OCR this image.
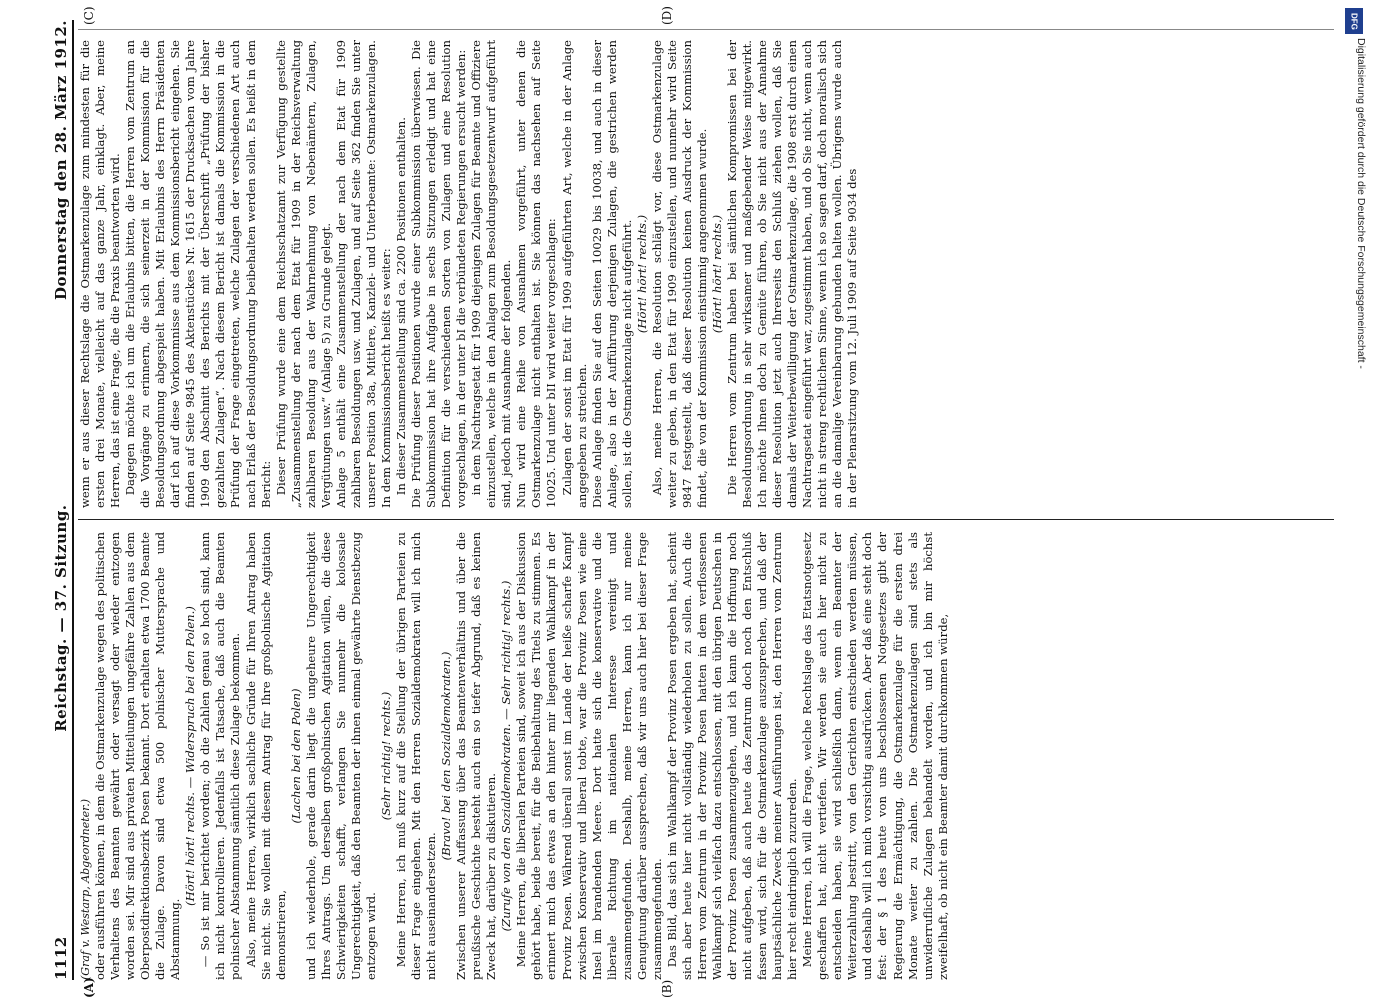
1112
Reichstag. — 37. Sitzung.
Donnerstag den 28. März 1912.
(A)	(B)
(C)	(D)

(Graf v. Westarp, Abgeordneter.) oder ausführen können, in dem die Ostmarkenzulage wegen des politischen Verhaltens des Beamten gewährt oder versagt oder wieder entzogen worden sei. Mir sind aus privaten Mitteilungen ungefähre Zahlen aus dem Oberpostdirektionsbezirk Posen bekannt. Dort erhalten etwa 1700 Beamte die Zulage. Davon sind etwa 500 polnischer Muttersprache und Abstammung.

(Hört! hört! rechts. — Widerspruch bei den Polen.) — So ist mir berichtet worden; ob die Zahlen genau so hoch sind, kann ich nicht kontrollieren. Jedenfalls ist Tatsache, daß auch die Beamten polnischer Abstammung sämtlich diese Zulage bekommen. Also, meine Herren, wirklich sachliche Gründe für Ihren Antrag haben Sie nicht. Sie wollen mit diesem Antrag für Ihre großpolnische Agitation demonstrieren,

(Lachen bei den Polen) und ich wiederhole, gerade darin liegt die ungeheure Ungerechtigkeit Ihres Antrags. Um derselben großpolnischen Agitation willen, die diese Schwierigkeiten schafft, verlangen Sie nunmehr die kolossale Ungerechtigkeit, daß den Beamten der ihnen einmal gewährte Dienstbezug entzogen wird.

(Sehr richtig! rechts.) Meine Herren, ich muß kurz auf die Stellung der übrigen Parteien zu dieser Frage eingehen. Mit den Herren Sozialdemokraten will ich mich nicht auseinandersetzen.

(Bravo! bei den Sozialdemokraten.) Zwischen unserer Auffassung über das Beamtenverhältnis und über die preußische Geschichte besteht auch ein so tiefer Abgrund, daß es keinen Zweck hat, darüber zu diskutieren. (Zurufe von den Sozialdemokraten. — Sehr richtig! rechts.) Meine Herren, die liberalen Parteien sind, soweit ich aus der Diskussion gehört habe, beide bereit, für die Beibehaltung des Titels zu stimmen. Es erinnert mich das etwas an den hinter mir liegenden Wahlkampf in der Provinz Posen. Während überall sonst im Lande der heiße scharfe Kampf zwischen Konservativ und liberal tobte, war die Provinz Posen wie eine Insel im brandenden Meere. Dort hatte sich die konservative und die liberale Richtung im nationalen Interesse vereinigt und zusammengefunden. Deshalb, meine Herren, kann ich nur meine Genugtuung darüber aussprechen, daß wir uns auch hier bei dieser Frage zusammengefunden. Das Bild, das sich im Wahlkampf der Provinz Posen ergeben hat, scheint sich aber heute hier nicht vollständig wiederholen zu sollen. Auch die Herren vom Zentrum in der Provinz Posen hatten in dem verflossenen Wahlkampf sich vielfach dazu entschlossen, mit den übrigen Deutschen in der Provinz Posen zusammenzugehen, und ich kann die Hoffnung noch nicht aufgeben, daß auch heute das Zentrum doch noch den Entschluß fassen wird, sich für die Ostmarkenzulage auszusprechen, und daß der hauptsächliche Zweck meiner Ausführungen ist, den Herren vom Zentrum hier recht eindringlich zuzureden. Meine Herren, ich will die Frage, welche Rechtslage das Etatsnotgesetz geschaffen hat, nicht vertiefen. Wir werden sie auch hier nicht zu entscheiden haben, sie wird schließlich dann, wenn ein Beamter der Weiterzahlung bestritt, von den Gerichten entschieden werden müssen, und deshalb will ich mich vorsichtig ausdrücken. Aber daß eine steht doch fest: der § 1 des heute von uns beschlossenen Notgesetzes gibt der Regierung die Ermächtigung, die Ostmarkenzulage für die ersten drei Monate weiter zu zahlen. Die Ostmarkenzulagen sind stets als unwiderrufliche Zulagen behandelt worden, und ich bin mir höchst zweifelhaft, ob nicht ein Beamter damit durchkommen würde,

wenn er aus dieser Rechtslage die Ostmarkenzulage zum mindesten für die ersten drei Monate, vielleicht auf das ganze Jahr, einklagt. Aber, meine Herren, das ist eine Frage, die die Praxis beantworten wird. Dagegen möchte ich um die Erlaubnis bitten, die Herren vom Zentrum an die Vorgänge zu erinnern, die sich seinerzeit in der Kommission für die Besoldungsordnung abgespielt haben. Mit Erlaubnis des Herrn Präsidenten darf ich auf diese Vorkommnisse aus dem Kommissionsbericht eingehen. Sie finden auf Seite 9845 des Aktenstückes Nr. 1615 der Drucksachen vom Jahre 1909 den Abschnitt des Berichts mit der Überschrift „Prüfung der bisher gezahlten Zulagen“. Nach diesem Bericht ist damals die Kommission in die Prüfung der Frage eingetreten, welche Zulagen der verschiedenen Art auch nach Erlaß der Besoldungsordnung beibehalten werden sollen. Es heißt in dem Bericht: Dieser Prüfung wurde eine dem Reichsschatzamt zur Verfügung gestellte „Zusammenstellung der nach dem Etat für 1909 in der Reichsverwaltung zahlbaren Besoldung aus der Wahrnehmung von Nebenämtern, Zulagen, Vergütungen usw.“ (Anlage 5) zu Grunde gelegt. Anlage 5 enthält eine Zusammenstellung der nach dem Etat für 1909 zahlbaren Besoldungen usw. und Zulagen, und auf Seite 362 finden Sie unter unserer Position 38a, Mittlere, Kanzlei- und Unterbeamte: Ostmarkenzulagen. In dem Kommissionsbericht heißt es weiter: In dieser Zusammenstellung sind ca. 2200 Positionen enthalten. Die Prüfung dieser Positionen wurde einer Subkommission überwiesen. Die Subkommission hat ihre Aufgabe in sechs Sitzungen erledigt und hat eine Definition für die verschiedenen Sorten von Zulagen und eine Resolution vorgeschlagen, in der unter bI die verbündeten Regierungen ersucht werden: in dem Nachtragsetat für 1909 diejenigen Zulagen für Beamte und Offiziere einzustellen, welche in den Anlagen zum Besoldungsgesetzentwurf aufgeführt sind, jedoch mit Ausnahme der folgenden. Nun wird eine Reihe von Ausnahmen vorgeführt, unter denen die Ostmarkenzulage nicht enthalten ist. Sie können das nachsehen auf Seite 10025. Und unter bII wird weiter vorgeschlagen: Zulagen der sonst im Etat für 1909 aufgeführten Art, welche in der Anlage angegeben zu streichen. Diese Anlage finden Sie auf den Seiten 10029 bis 10038, und auch in dieser Anlage, also in der Aufführung derjenigen Zulagen, die gestrichen werden sollen, ist die Ostmarkenzulage nicht aufgeführt. (Hört! hört! rechts.) Also, meine Herren, die Resolution schlägt vor, diese Ostmarkenzulage weiter zu geben, in den Etat für 1909 einzustellen, und nunmehr wird Seite 9847 festgestellt, daß dieser Resolution keinen Ausdruck der Kommission findet, die von der Kommission einstimmig angenommen wurde. (Hört! hört! rechts.) Die Herren vom Zentrum haben bei sämtlichen Kompromissen bei der Besoldungsordnung in sehr wirksamer und maßgebender Weise mitgewirkt. Ich möchte Ihnen doch zu Gemüte führen, ob Sie nicht aus der Annahme dieser Resolution jetzt auch Ihrerseits den Schluß ziehen wollen, daß Sie damals der Weiterbewilligung der Ostmarkenzulage, die 1908 erst durch einen Nachtragsetat eingeführt war, zugestimmt haben, und ob Sie nicht, wenn auch nicht in streng rechtlichem Sinne, wenn ich so sagen darf, doch moralisch sich an die damalige Vereinbarung gebunden halten wollen. Übrigens wurde auch in der Plenarsitzung vom 12. Juli 1909 auf Seite 9034 des

DFG
Digitalisierung gefördert durch die Deutsche Forschungsgemeinschaft -
